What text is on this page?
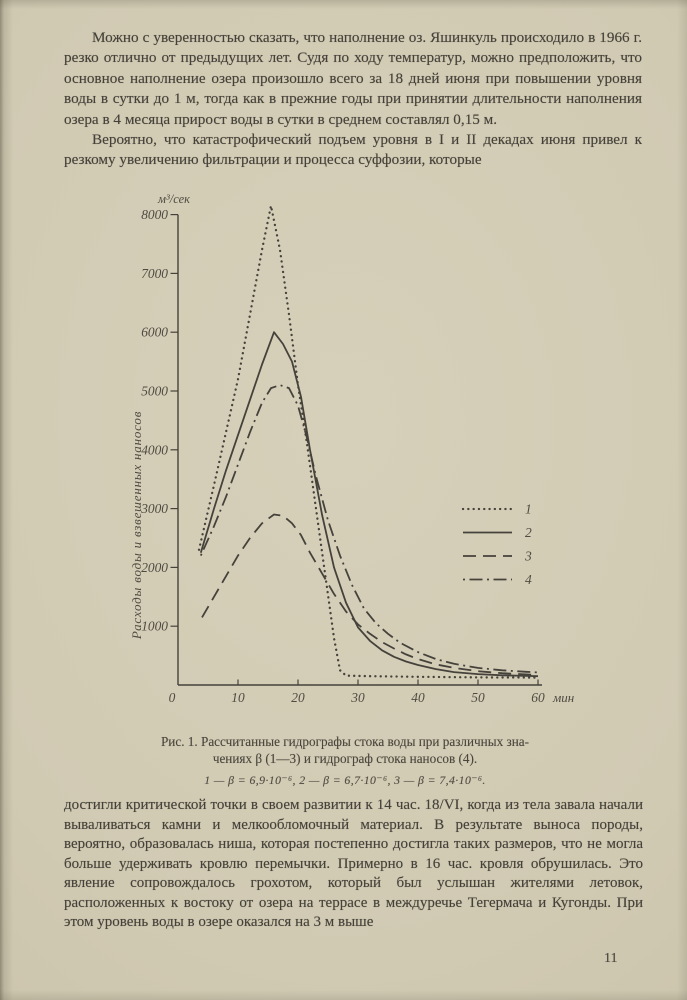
Можно с уверенностью сказать, что наполнение оз. Яшинкуль происходило в 1966 г. резко отлично от предыдущих лет. Судя по ходу температур, можно предположить, что основное наполнение озера произошло всего за 18 дней июня при повышении уровня воды в сутки до 1 м, тогда как в прежние годы при принятии длительности наполнения озера в 4 месяца прирост воды в сутки в среднем составлял 0,15 м.

Вероятно, что катастрофический подъем уровня в I и II декадах июня привел к резкому увеличению фильтрации и процесса суффозии, которые

1000
2000
3000
4000
5000
6000
7000
8000
0	10	20	30	40	50	60 мин
м³/сек
Расходы воды и взвешенных наносов	1
2
3
4
Рис. 1. Рассчитанные гидрографы стока воды при различных зна-
чениях β (1—3) и гидрограф стока наносов (4).
1 — β = 6,9·10⁻⁶, 2 — β = 6,7·10⁻⁶, 3 — β = 7,4·10⁻⁶.

достигли критической точки в своем развитии к 14 час. 18/VI, когда из тела завала начали вываливаться камни и мелкообломочный материал. В результате выноса породы, вероятно, образовалась ниша, которая постепенно достигла таких размеров, что не могла больше удерживать кровлю перемычки. Примерно в 16 час. кровля обрушилась. Это явление сопровождалось грохотом, который был услышан жителями летовок, расположенных к востоку от озера на террасе в междуречье Тегермача и Кугонды. При этом уровень воды в озере оказался на 3 м выше

11
